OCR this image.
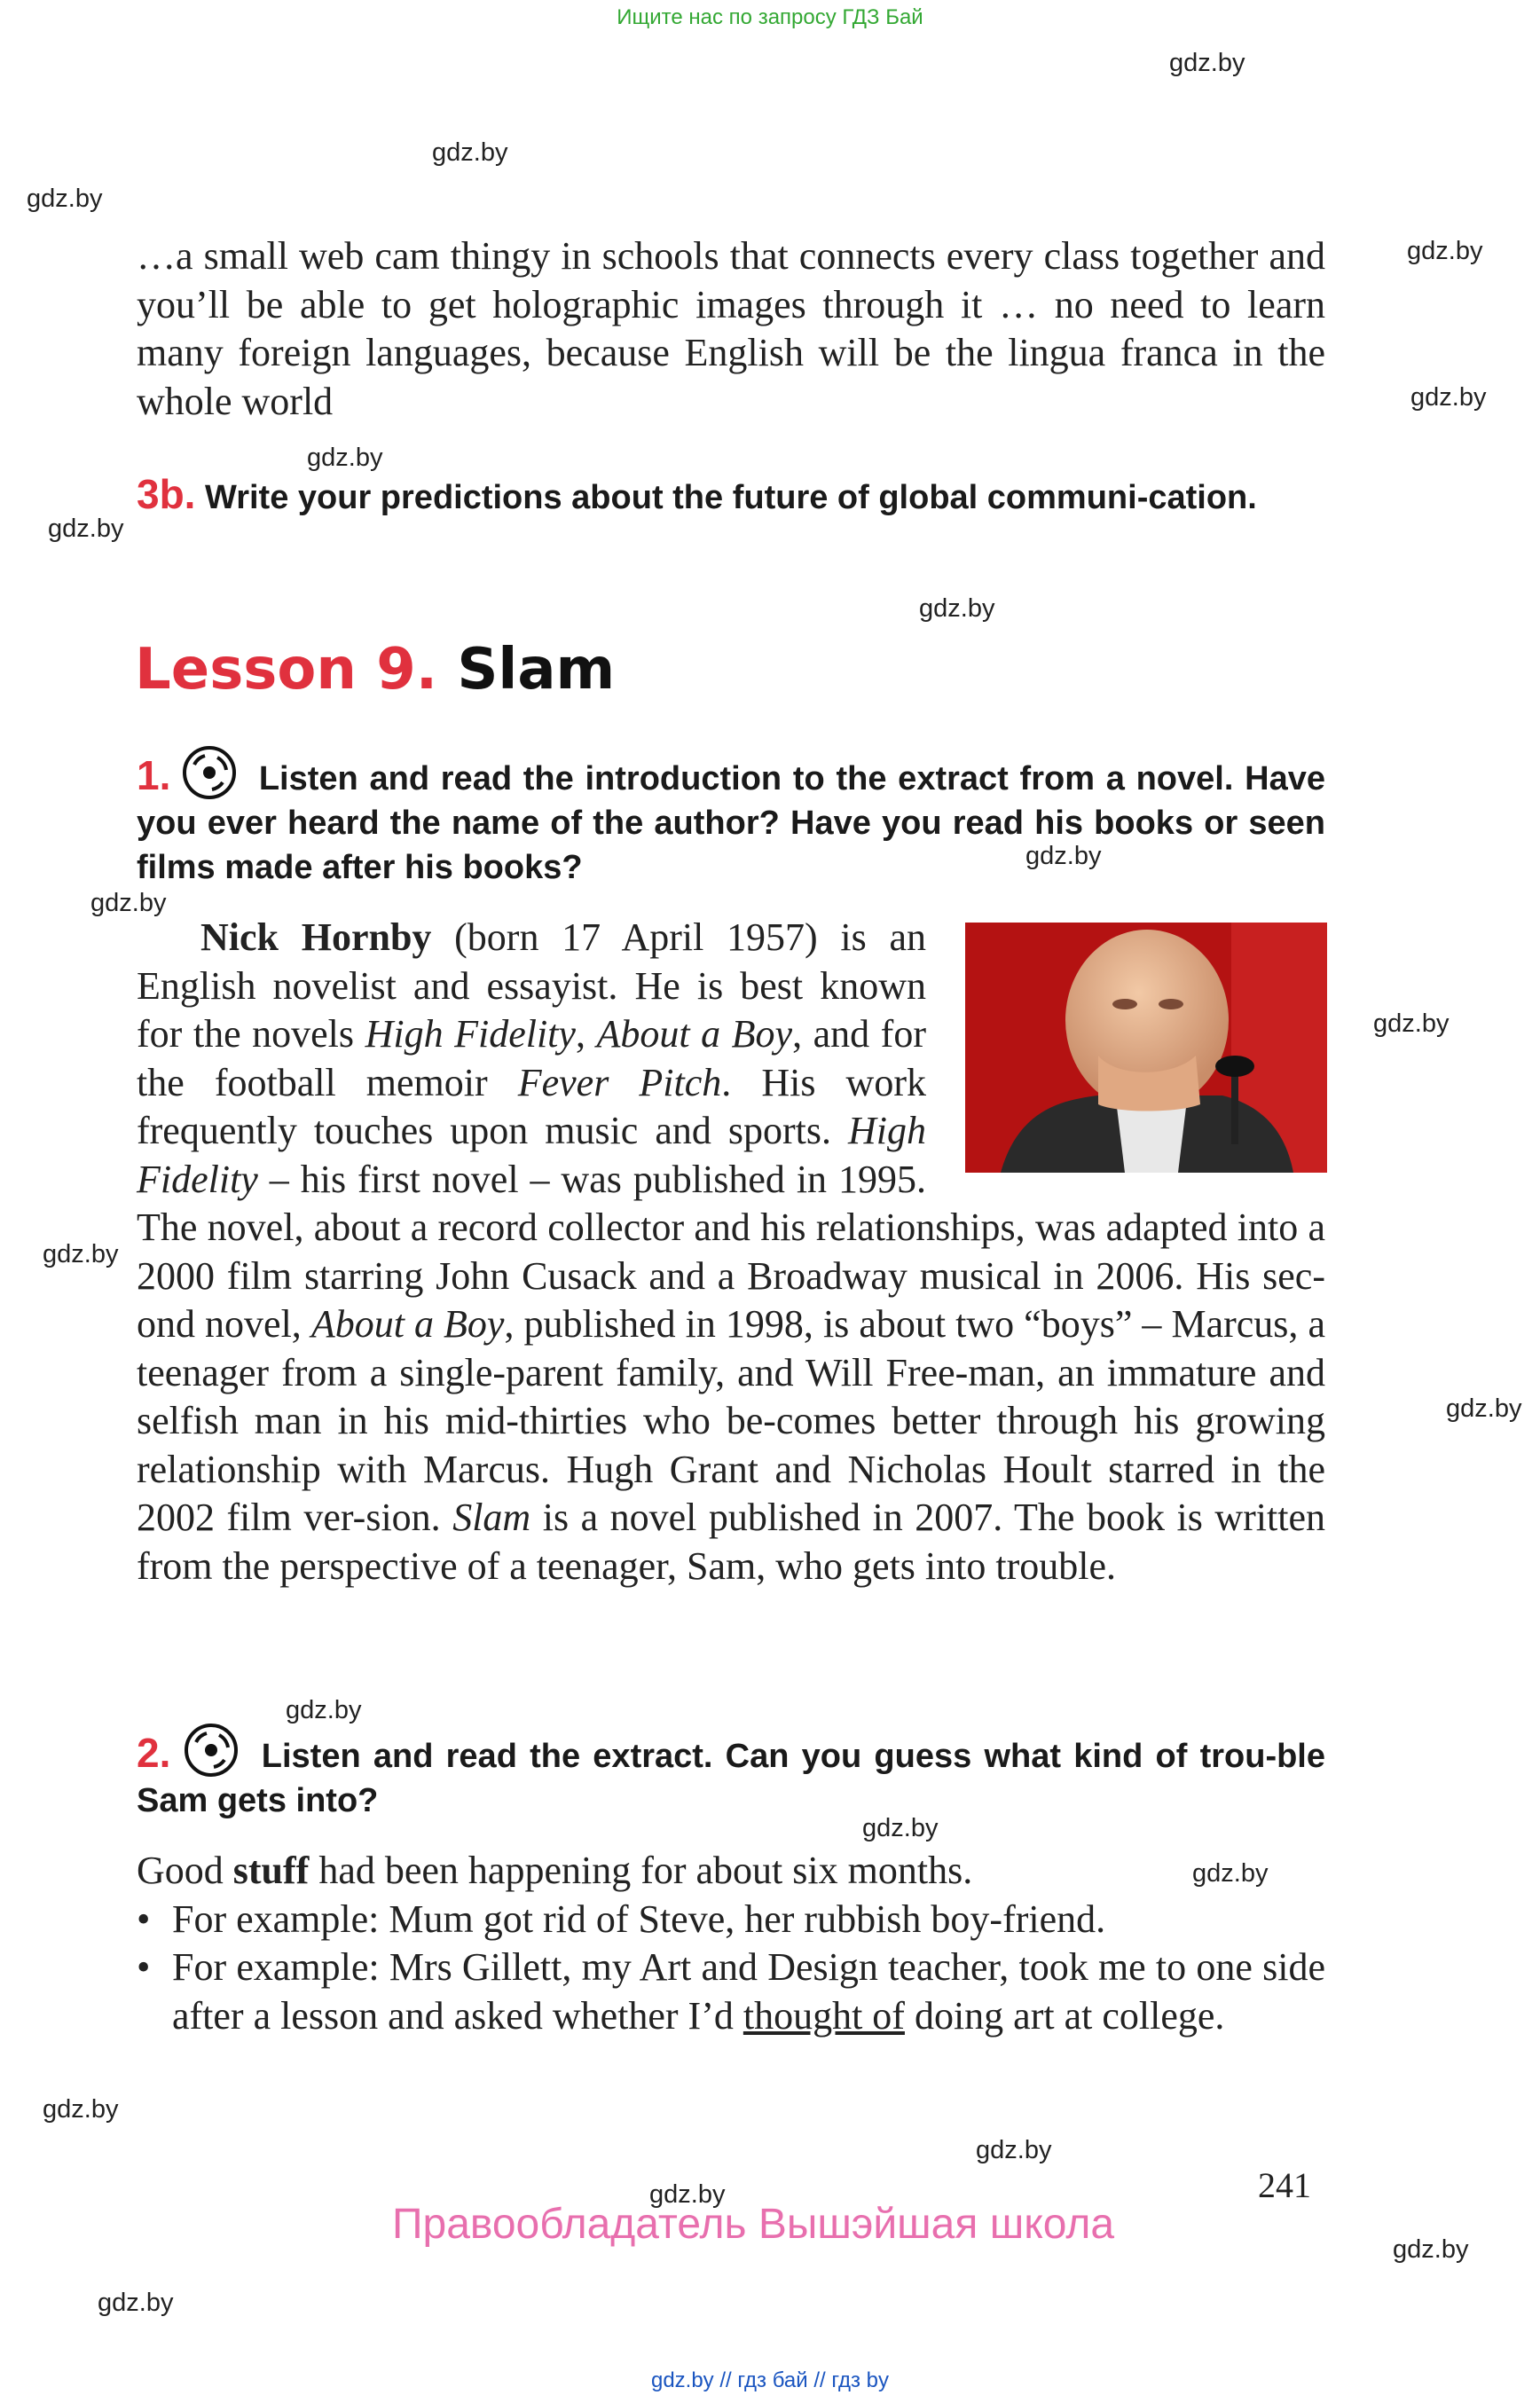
Ищите нас по запросу ГДЗ Бай
gdz.by
gdz.by
gdz.by
gdz.by
gdz.by
gdz.by
gdz.by
gdz.by
gdz.by
gdz.by
gdz.by
gdz.by
gdz.by
gdz.by
gdz.by
gdz.by
gdz.by
gdz.by
gdz.by
gdz.by
gdz.by
…a small web cam thingy in schools that connects every class together and you’ll be able to get holographic images through it … no need to learn many foreign languages, because English will be the lingua franca in the whole world
3b. Write your predictions about the future of global communi-cation.
Lesson 9. Slam
1.	Listen and read the introduction to the extract from a novel. Have you ever heard the name of the author? Have you read his books or seen films made after his books?
Nick Hornby (born 17 April 1957) is an English novelist and essayist. He is best known for the novels High Fidelity, About a Boy, and for the football memoir Fever Pitch. His work frequently touches upon music and sports. High Fidelity – his first novel – was published in 1995. The novel, about a record collector and his relationships, was adapted into a 2000 film starring John Cusack and a Broadway musical in 2006. His sec-ond novel, About a Boy, published in 1998, is about two “boys” – Marcus, a teenager from a single-parent family, and Will Free-man, an immature and selfish man in his mid-thirties who be-comes better through his growing relationship with Marcus. Hugh Grant and Nicholas Hoult starred in the 2002 film ver-sion. Slam is a novel published in 2007. The book is written from the perspective of a teenager, Sam, who gets into trouble.
2.	Listen and read the extract. Can you guess what kind of trou-ble Sam gets into?
Good stuff had been happening for about six months.
• For example: Mum got rid of Steve, her rubbish boy-friend.
• For example: Mrs Gillett, my Art and Design teacher, took me to one side after a lesson and asked whether I’d thought of doing art at college.
241
Правообладатель Вышэйшая школа
gdz.by // гдз бай // гдз by
